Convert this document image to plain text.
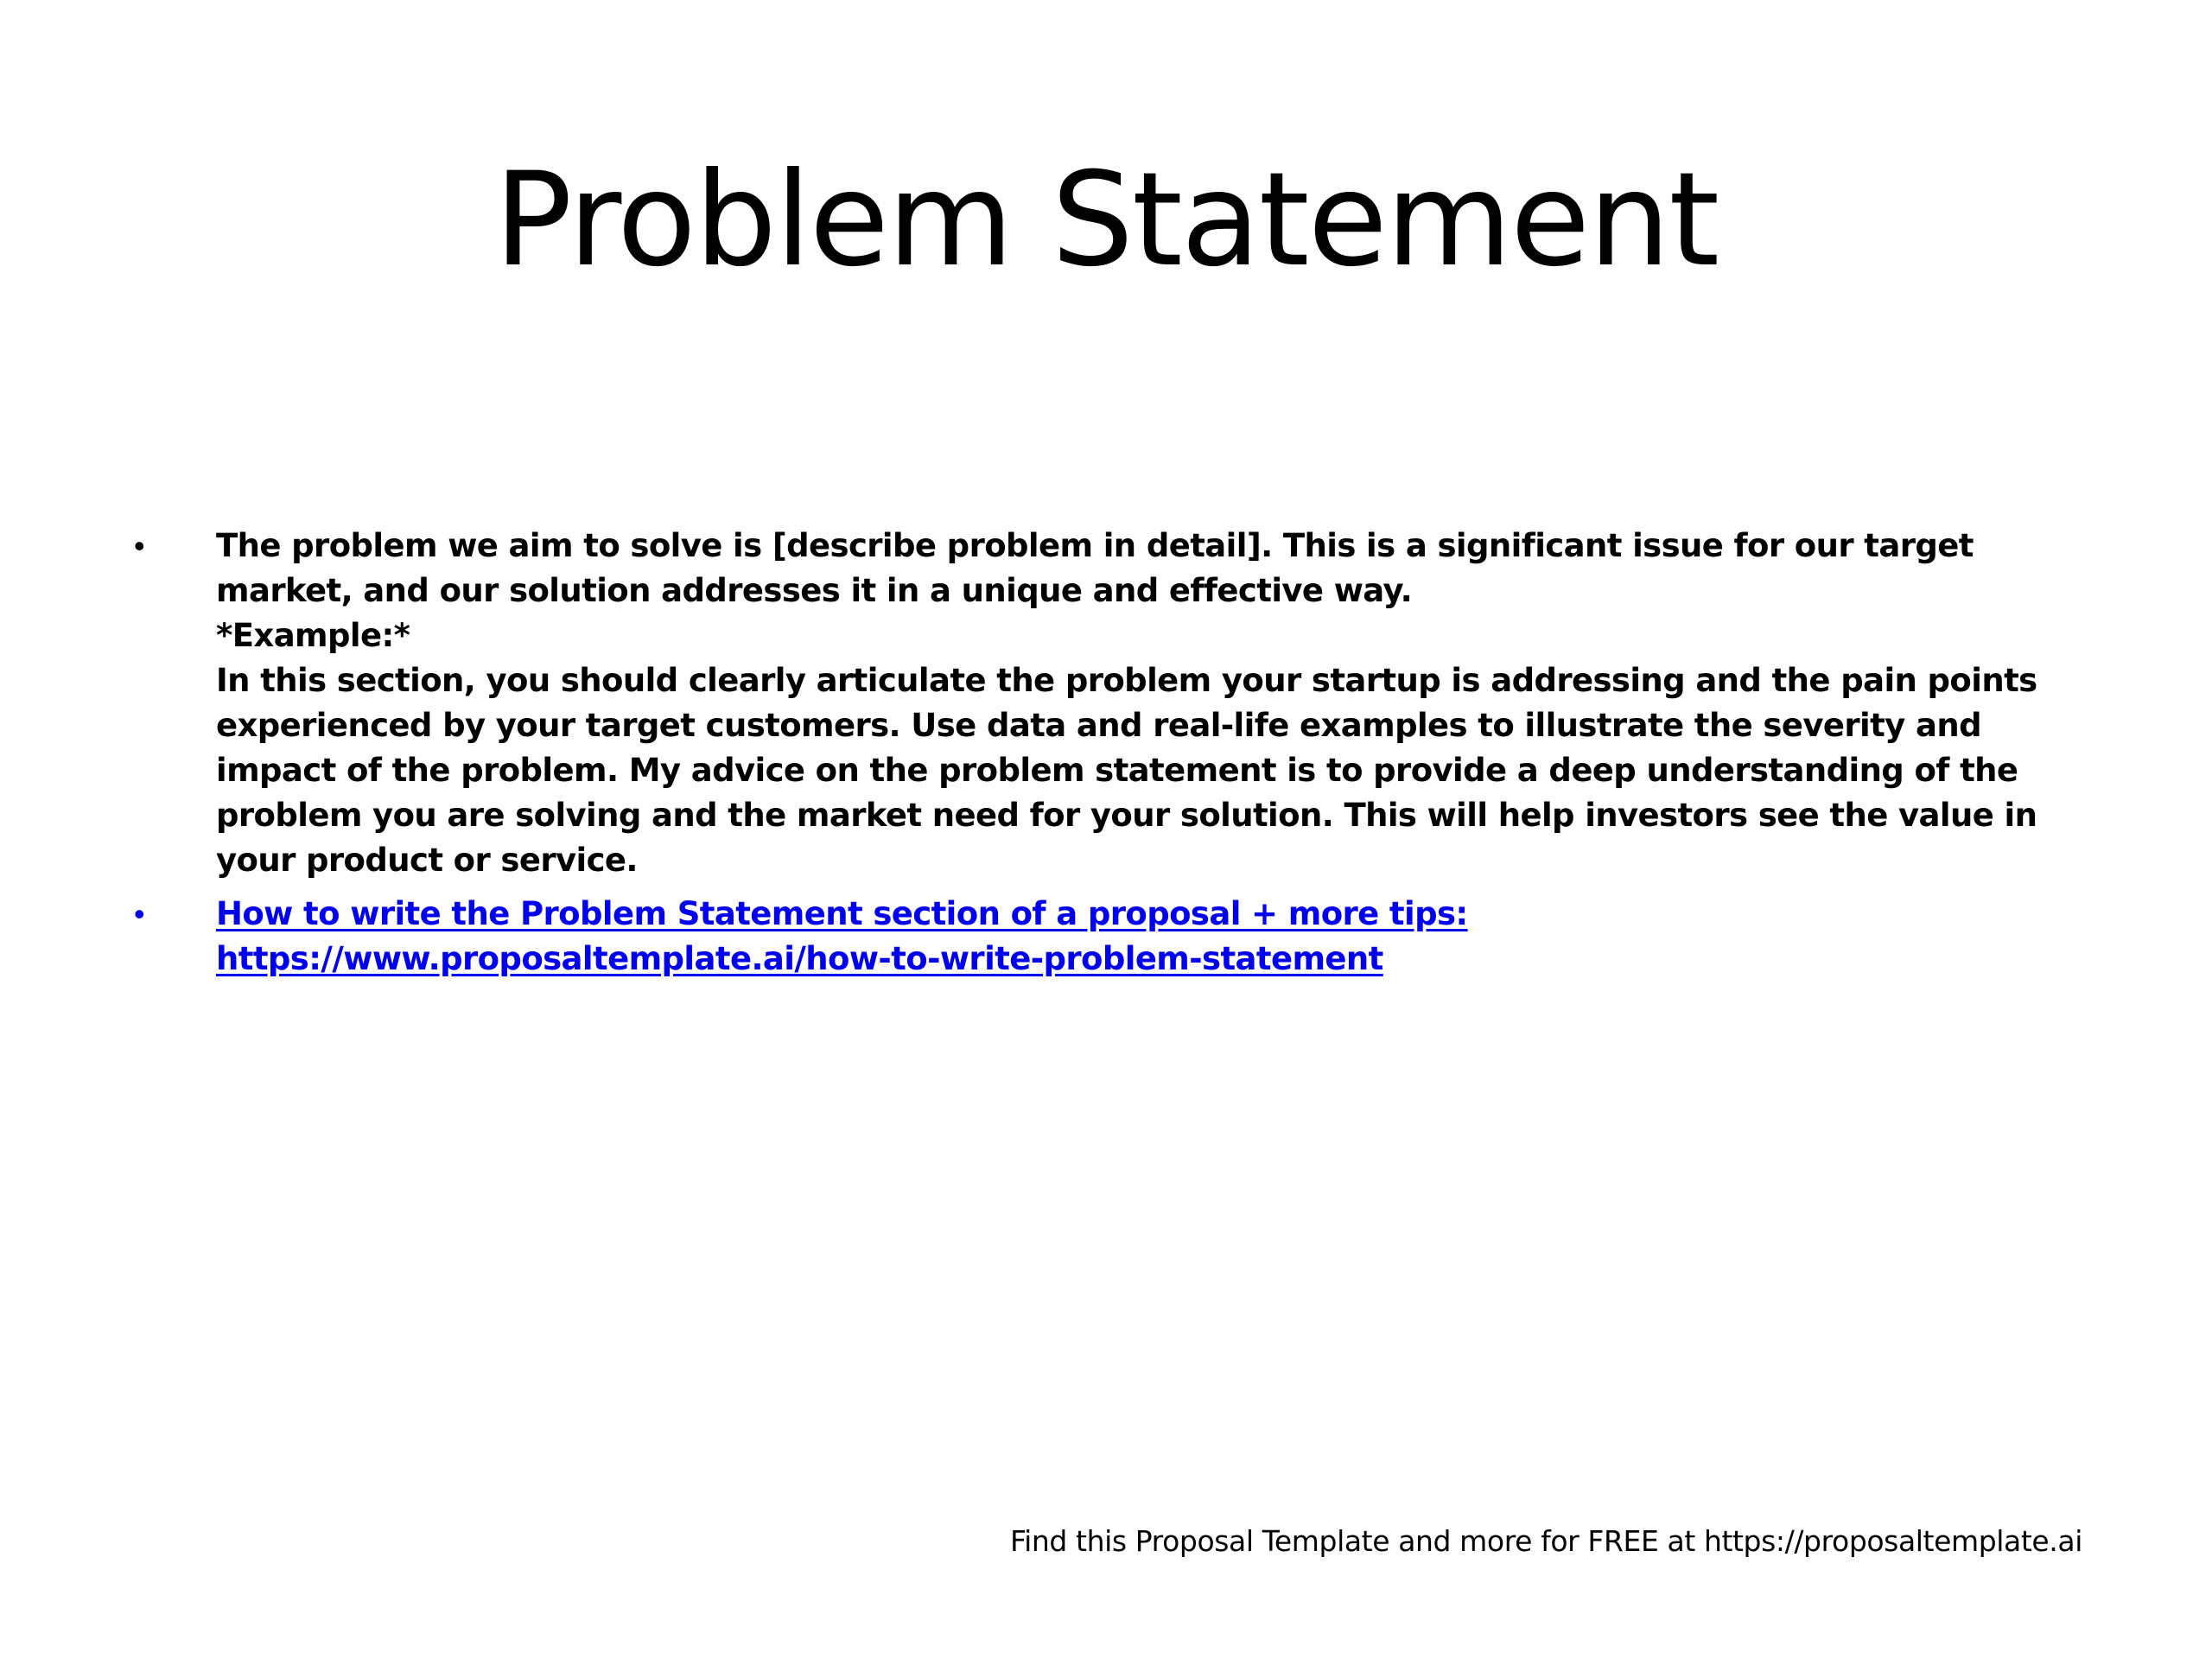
Problem Statement
•	The problem we aim to solve is [describe problem in detail]. This is a significant issue for our target market, and our solution addresses it in a unique and effective way.
*Example:*
In this section, you should clearly articulate the problem your startup is addressing and the pain points experienced by your target customers. Use data and real-life examples to illustrate the severity and impact of the problem. My advice on the problem statement is to provide a deep understanding of the problem you are solving and the market need for your solution. This will help investors see the value in your product or service.
•	How to write the Problem Statement section of a proposal + more tips: https://www.proposaltemplate.ai/how-to-write-problem-statement
Find this Proposal Template and more for FREE at https://proposaltemplate.ai
